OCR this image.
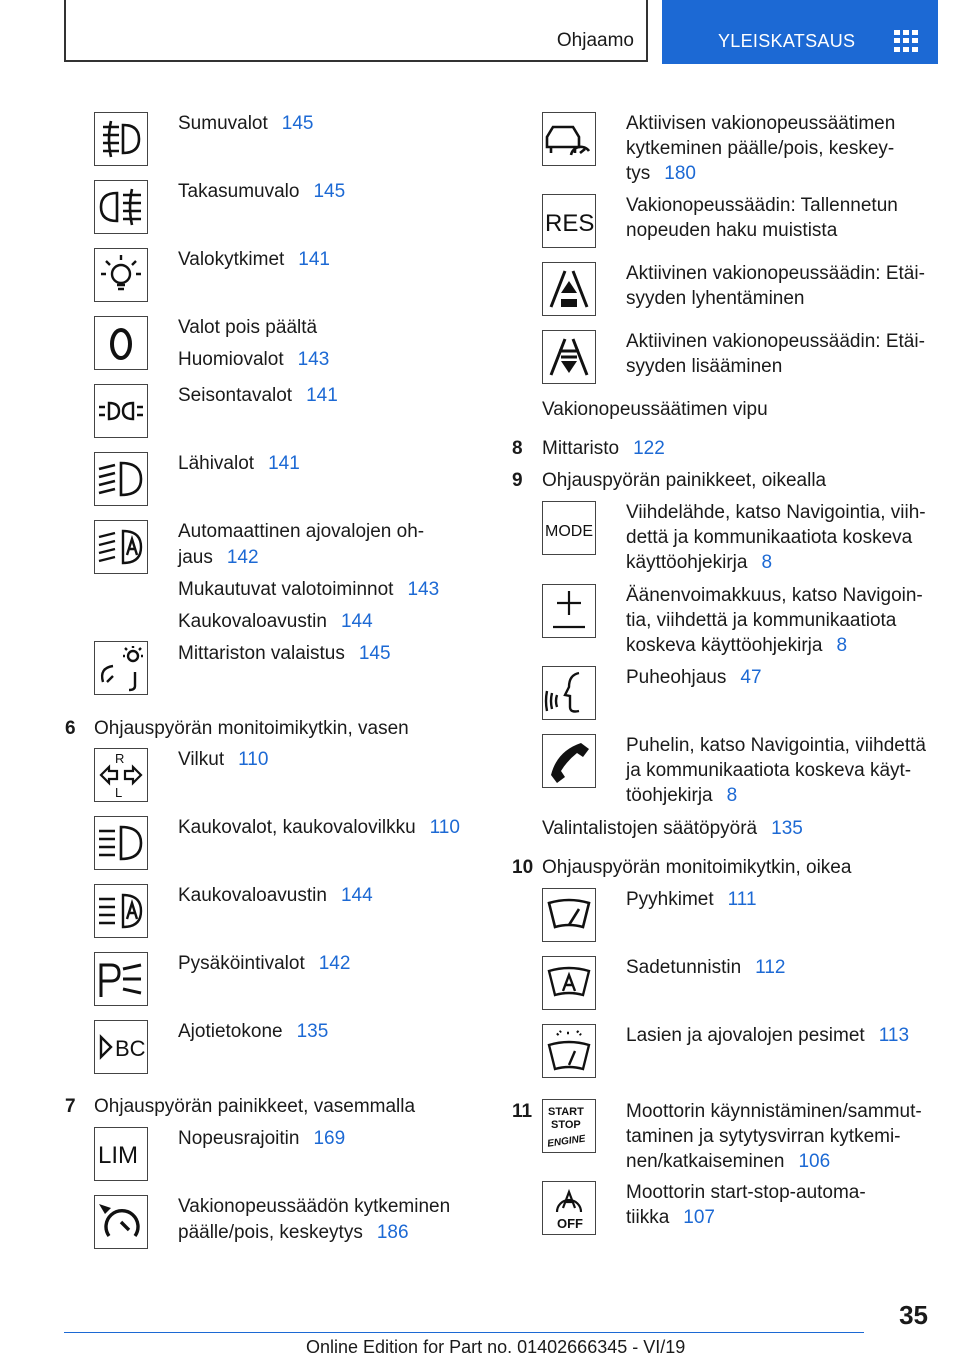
Ohjaamo	YLEISKATSAUS
Sumuvalot 145
Takasumuvalo 145
Valokytkimet 141
Valot pois päältä
Huomiovalot 143
Seisontavalot 141
Lähivalot 141
Automaattinen ajovalojen oh-
jaus 142
Mukautuvat valotoiminnot 143
Kaukovaloavustin 144
Mittariston valaistus 145
6 Ohjauspyörän monitoimikytkin, vasen
R
L
Vilkut 110
Kaukovalot, kaukovalovilkku 110
Kaukovaloavustin 144
Pysäköintivalot 142
BC
Ajotietokone 135
7 Ohjauspyörän painikkeet, vasemmalla
LIM
Nopeusrajoitin 169
Vakionopeussäädön kytkeminen
päälle/pois, keskeytys 186
Aktiivisen vakionopeussäätimen
kytkeminen päälle/pois, keskey-
tys 180
RES
Vakionopeussäädin: Tallennetun
nopeuden haku muistista
Aktiivinen vakionopeussäädin: Etäi-
syyden lyhentäminen
Aktiivinen vakionopeussäädin: Etäi-
syyden lisääminen
Vakionopeussäätimen vipu
8 Mittaristo 122
9 Ohjauspyörän painikkeet, oikealla
MODE
Viihdelähde, katso Navigointia, viih-
dettä ja kommunikaatiota koskeva
käyttöohjekirja 8
Äänenvoimakkuus, katso Navigoin-
tia, viihdettä ja kommunikaatiota
koskeva käyttöohjekirja 8
Puheohjaus 47
Puhelin, katso Navigointia, viihdettä
ja kommunikaatiota koskeva käyt-
töohjekirja 8
Valintalistojen säätöpyörä 135
10 Ohjauspyörän monitoimikytkin, oikea
Pyyhkimet 111
Sadetunnistin 112
Lasien ja ajovalojen pesimet 113
11 START
STOP
ENGINE
Moottorin käynnistäminen/sammut-
taminen ja sytytysvirran kytkemi-
nen/katkaiseminen 106
OFF
Moottorin start-stop-automa-
tiikka 107
35
Online Edition for Part no. 01402666345 - VI/19
